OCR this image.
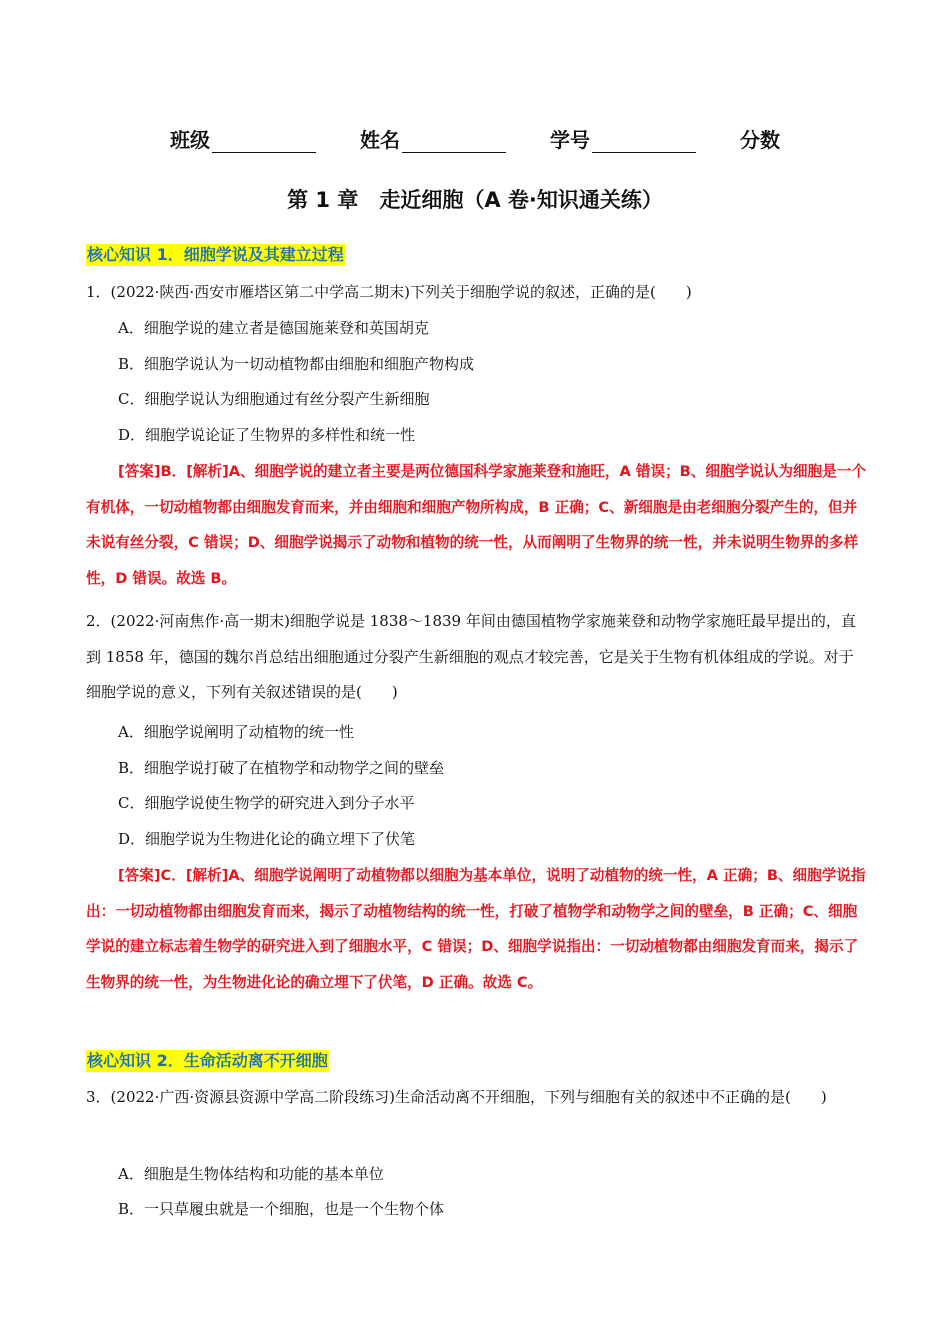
班级	姓名	学号	分数
第 1 章　走近细胞（A 卷·知识通关练）
核心知识 1．细胞学说及其建立过程
1．(2022·陕西·西安市雁塔区第二中学高二期末)下列关于细胞学说的叙述，正确的是(　　)
A．细胞学说的建立者是德国施莱登和英国胡克
B．细胞学说认为一切动植物都由细胞和细胞产物构成
C．细胞学说认为细胞通过有丝分裂产生新细胞
D．细胞学说论证了生物界的多样性和统一性
[答案]B．[解析]A、细胞学说的建立者主要是两位德国科学家施莱登和施旺，A 错误；B、细胞学说认为细胞是一个有机体，一切动植物都由细胞发育而来，并由细胞和细胞产物所构成，B 正确；C、新细胞是由老细胞分裂产生的，但并未说有丝分裂，C 错误；D、细胞学说揭示了动物和植物的统一性，从而阐明了生物界的统一性，并未说明生物界的多样性，D 错误。故选 B。
2．(2022·河南焦作·高一期末)细胞学说是 1838～1839 年间由德国植物学家施莱登和动物学家施旺最早提出的，直到 1858 年，德国的魏尔肖总结出细胞通过分裂产生新细胞的观点才较完善，它是关于生物有机体组成的学说。对于细胞学说的意义，下列有关叙述错误的是(　　)
A．细胞学说阐明了动植物的统一性
B．细胞学说打破了在植物学和动物学之间的壁垒
C．细胞学说使生物学的研究进入到分子水平
D．细胞学说为生物进化论的确立埋下了伏笔
[答案]C．[解析]A、细胞学说阐明了动植物都以细胞为基本单位，说明了动植物的统一性，A 正确；B、细胞学说指出：一切动植物都由细胞发育而来，揭示了动植物结构的统一性，打破了植物学和动物学之间的壁垒，B 正确；C、细胞学说的建立标志着生物学的研究进入到了细胞水平，C 错误；D、细胞学说指出：一切动植物都由细胞发育而来，揭示了生物界的统一性，为生物进化论的确立埋下了伏笔，D 正确。故选 C。
核心知识 2．生命活动离不开细胞
3．(2022·广西·资源县资源中学高二阶段练习)生命活动离不开细胞，下列与细胞有关的叙述中不正确的是(　　)
A．细胞是生物体结构和功能的基本单位
B．一只草履虫就是一个细胞，也是一个生物个体
